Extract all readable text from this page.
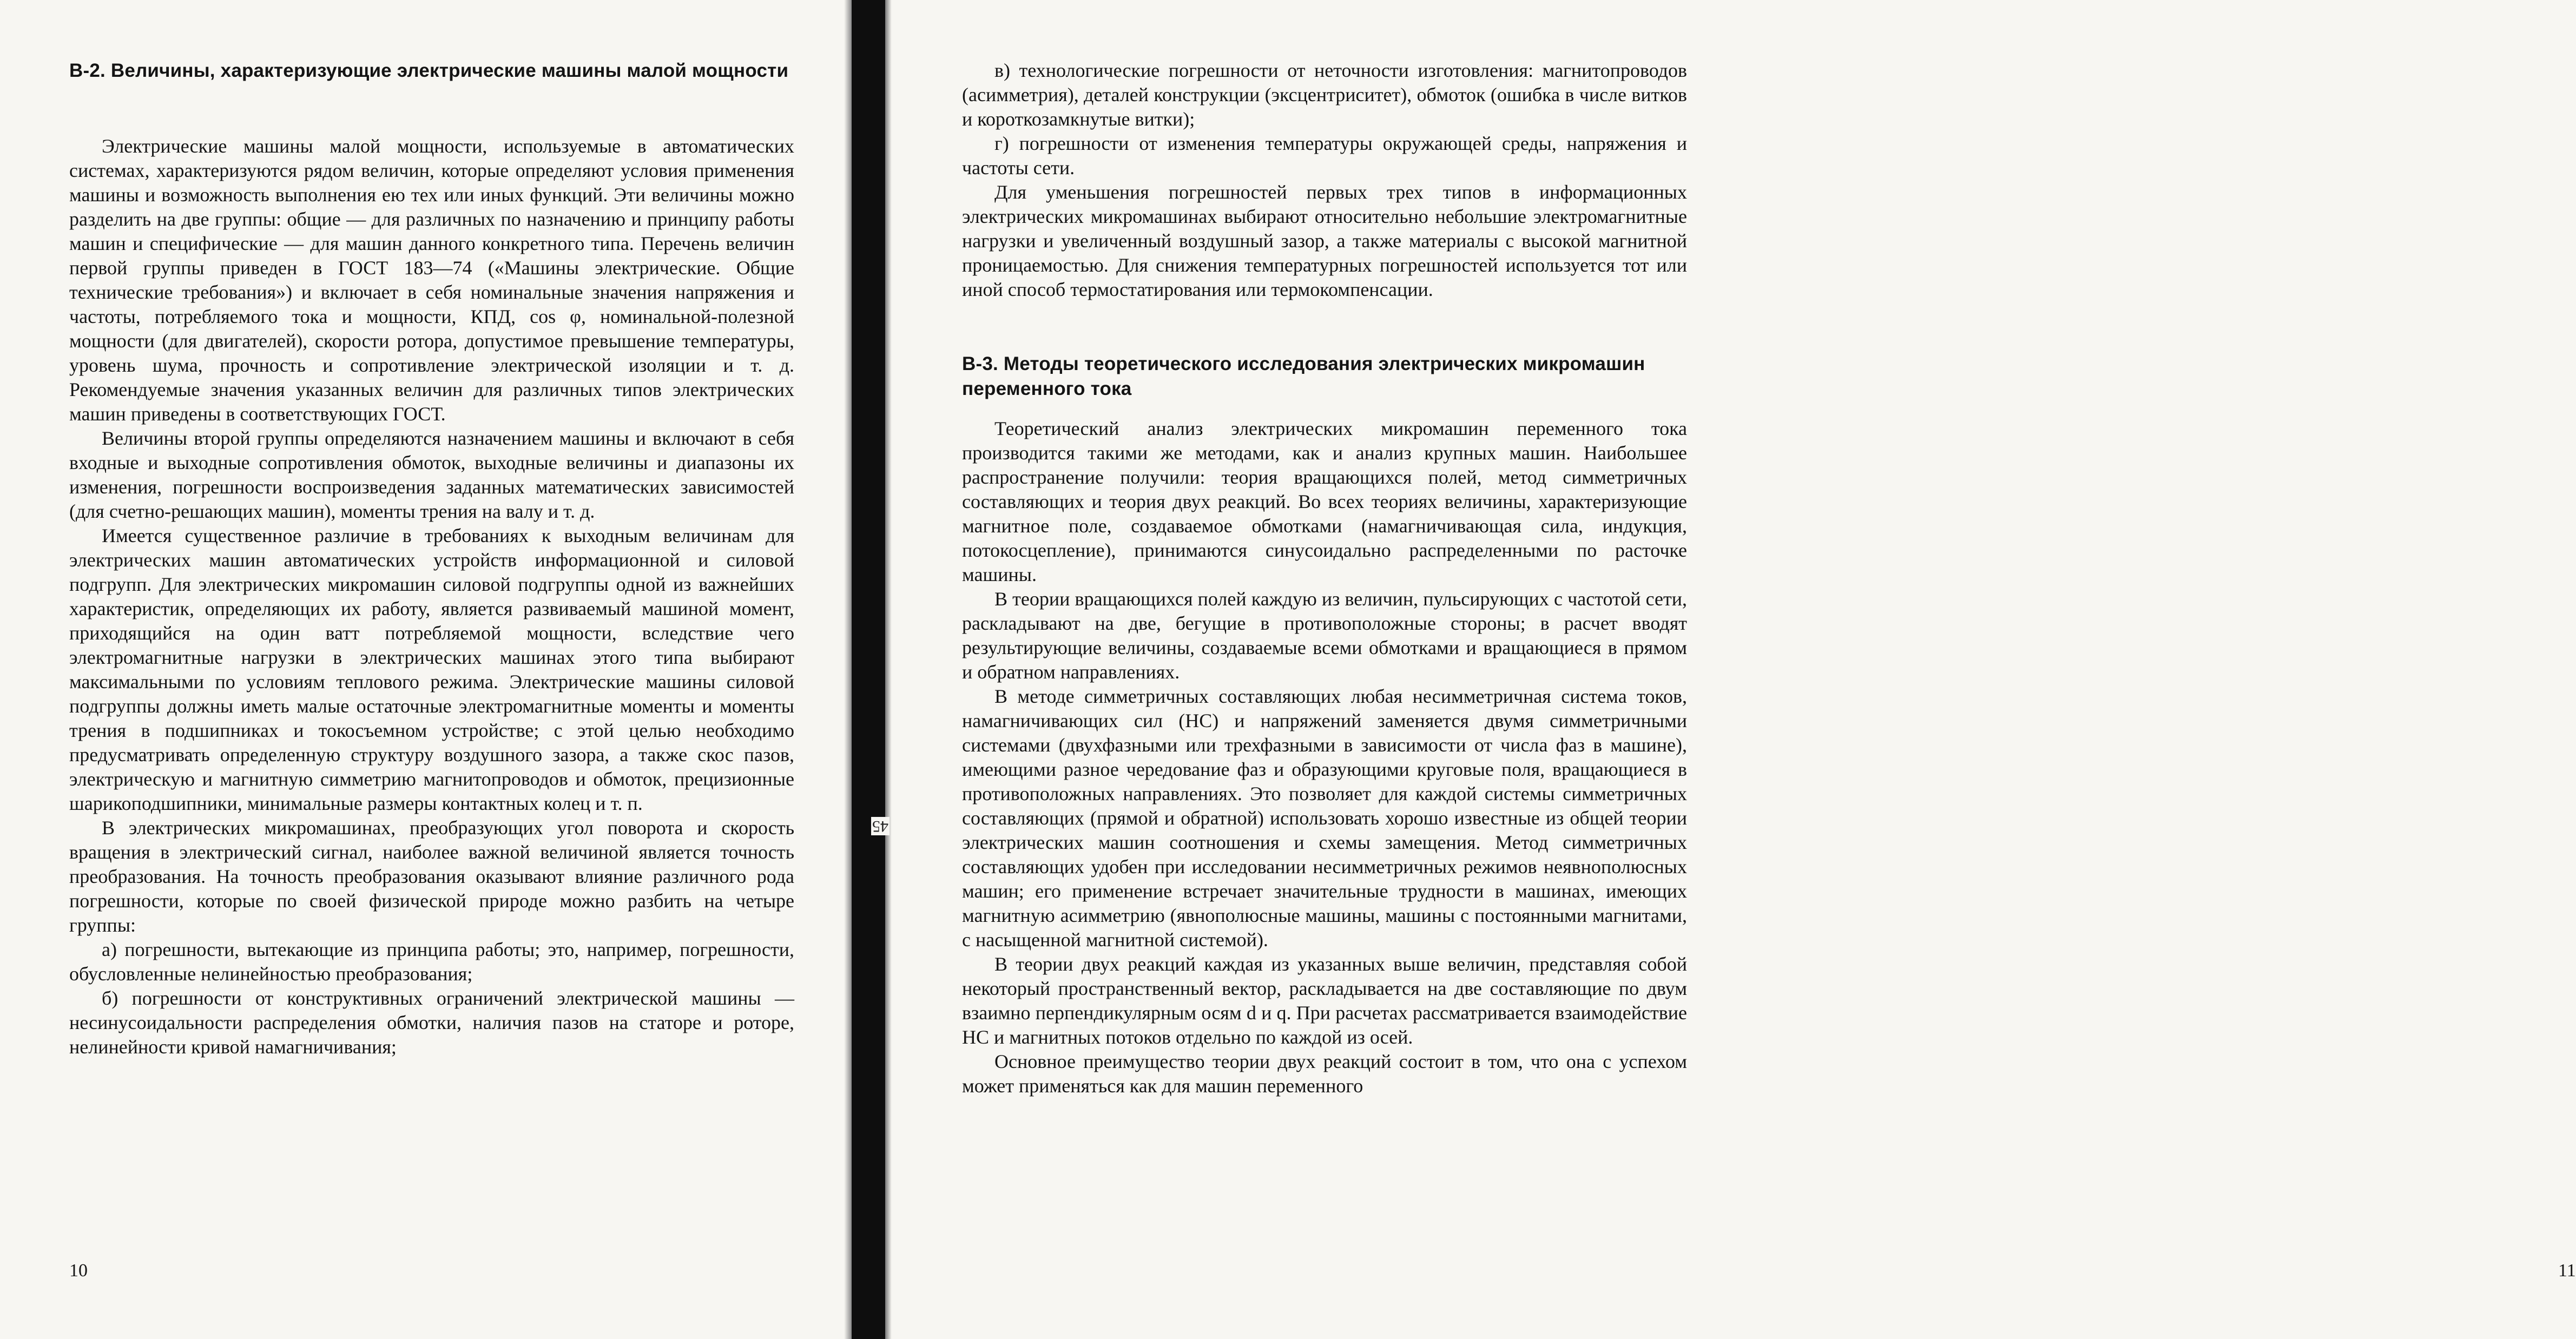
В-2. Величины, характеризующие электрические машины малой мощности

Электрические машины малой мощности, используемые в автоматических системах, характеризуются рядом величин, которые определяют условия применения машины и возможность выполнения ею тех или иных функций. Эти величины можно разделить на две группы: общие — для различных по назначению и принципу работы машин и специфические — для машин данного конкретного типа. Перечень величин первой группы приведен в ГОСТ 183—74 («Машины электрические. Общие технические требования») и включает в себя номинальные значения напряжения и частоты, потребляемого тока и мощности, КПД, cos φ, номинальной-полезной мощности (для двигателей), скорости ротора, допустимое превышение температуры, уровень шума, прочность и сопротивление электрической изоляции и т. д. Рекомендуемые значения указанных величин для различных типов электрических машин приведены в соответствующих ГОСТ.

Величины второй группы определяются назначением машины и включают в себя входные и выходные сопротивления обмоток, выходные величины и диапазоны их изменения, погрешности воспроизведения заданных математических зависимостей (для счетно-решающих машин), моменты трения на валу и т. д.

Имеется существенное различие в требованиях к выходным величинам для электрических машин автоматических устройств информационной и силовой подгрупп. Для электрических микромашин силовой подгруппы одной из важнейших характеристик, определяющих их работу, является развиваемый машиной момент, приходящийся на один ватт потребляемой мощности, вследствие чего электромагнитные нагрузки в электрических машинах этого типа выбирают максимальными по условиям теплового режима. Электрические машины силовой подгруппы должны иметь малые остаточные электромагнитные моменты и моменты трения в подшипниках и токосъемном устройстве; с этой целью необходимо предусматривать определенную структуру воздушного зазора, а также скос пазов, электрическую и магнитную симметрию магнитопроводов и обмоток, прецизионные шарикоподшипники, минимальные размеры контактных колец и т. п.

В электрических микромашинах, преобразующих угол поворота и скорость вращения в электрический сигнал, наиболее важной величиной является точность преобразования. На точность преобразования оказывают влияние различного рода погрешности, которые по своей физической природе можно разбить на четыре группы:

а) погрешности, вытекающие из принципа работы; это, например, погрешности, обусловленные нелинейностью преобразования;

б) погрешности от конструктивных ограничений электрической машины — несинусоидальности распределения обмотки, наличия пазов на статоре и роторе, нелинейности кривой намагничивания;

10
45

в) технологические погрешности от неточности изготовления: магнитопроводов (асимметрия), деталей конструкции (эксцентриситет), обмоток (ошибка в числе витков и короткозамкнутые витки);

г) погрешности от изменения температуры окружающей среды, напряжения и частоты сети.

Для уменьшения погрешностей первых трех типов в информационных электрических микромашинах выбирают относительно небольшие электромагнитные нагрузки и увеличенный воздушный зазор, а также материалы с высокой магнитной проницаемостью. Для снижения температурных погрешностей используется тот или иной способ термостатирования или термокомпенсации.

В-3. Методы теоретического исследования электрических микромашин переменного тока

Теоретический анализ электрических микромашин переменного тока производится такими же методами, как и анализ крупных машин. Наибольшее распространение получили: теория вращающихся полей, метод симметричных составляющих и теория двух реакций. Во всех теориях величины, характеризующие магнитное поле, создаваемое обмотками (намагничивающая сила, индукция, потокосцепление), принимаются синусоидально распределенными по расточке машины.

В теории вращающихся полей каждую из величин, пульсирующих с частотой сети, раскладывают на две, бегущие в противоположные стороны; в расчет вводят результирующие величины, создаваемые всеми обмотками и вращающиеся в прямом и обратном направлениях.

В методе симметричных составляющих любая несимметричная система токов, намагничивающих сил (НС) и напряжений заменяется двумя симметричными системами (двухфазными или трехфазными в зависимости от числа фаз в машине), имеющими разное чередование фаз и образующими круговые поля, вращающиеся в противоположных направлениях. Это позволяет для каждой системы симметричных составляющих (прямой и обратной) использовать хорошо известные из общей теории электрических машин соотношения и схемы замещения. Метод симметричных составляющих удобен при исследовании несимметричных режимов неявнополюсных машин; его применение встречает значительные трудности в машинах, имеющих магнитную асимметрию (явнополюсные машины, машины с постоянными магнитами, с насыщенной магнитной системой).

В теории двух реакций каждая из указанных выше величин, представляя собой некоторый пространственный вектор, раскладывается на две составляющие по двум взаимно перпендикулярным осям d и q. При расчетах рассматривается взаимодействие НС и магнитных потоков отдельно по каждой из осей.

Основное преимущество теории двух реакций состоит в том, что она с успехом может применяться как для машин переменного

11
